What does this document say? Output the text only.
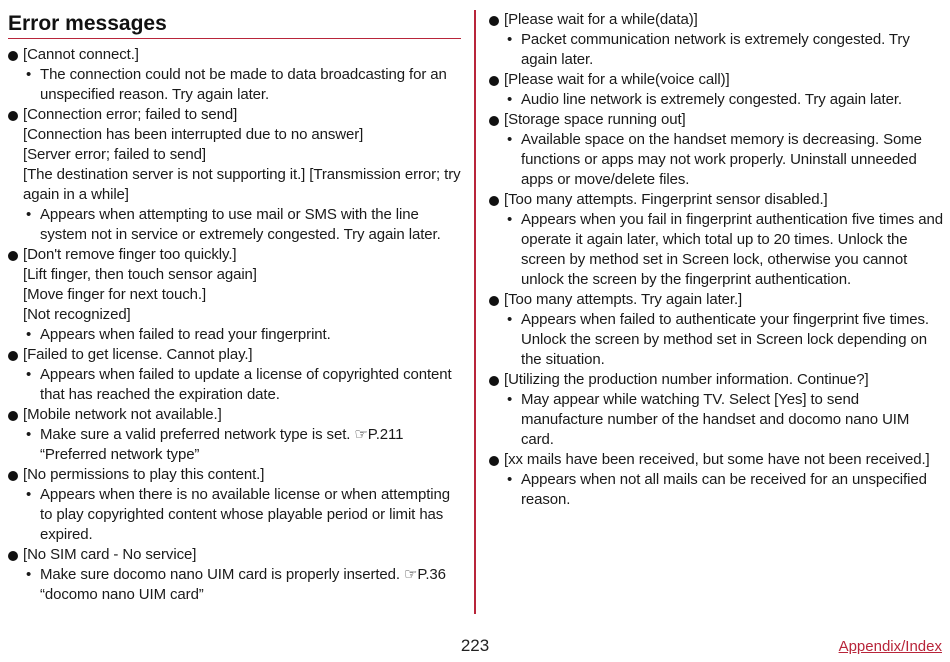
Error messages

[Cannot connect.]

• The connection could not be made to data broadcasting for an unspecified reason. Try again later.

[Connection error; failed to send]

[Connection has been interrupted due to no answer]

[Server error; failed to send]

[The destination server is not supporting it.] [Transmission error; try again in a while]

• Appears when attempting to use mail or SMS with the line system not in service or extremely congested. Try again later.

[Don't remove finger too quickly.]

[Lift finger, then touch sensor again]

[Move finger for next touch.]

[Not recognized]

• Appears when failed to read your fingerprint.

[Failed to get license. Cannot play.]

• Appears when failed to update a license of copyrighted content that has reached the expiration date.

[Mobile network not available.]

• Make sure a valid preferred network type is set. ☞P.211 “Preferred network type”

[No permissions to play this content.]

• Appears when there is no available license or when attempting to play copyrighted content whose playable period or limit has expired.

[No SIM card - No service]

• Make sure docomo nano UIM card is properly inserted. ☞P.36 “docomo nano UIM card”

[Please wait for a while(data)]

• Packet communication network is extremely congested. Try again later.

[Please wait for a while(voice call)]

• Audio line network is extremely congested. Try again later.

[Storage space running out]

• Available space on the handset memory is decreasing. Some functions or apps may not work properly. Uninstall unneeded apps or move/delete files.

[Too many attempts. Fingerprint sensor disabled.]

• Appears when you fail in fingerprint authentication five times and operate it again later, which total up to 20 times. Unlock the screen by method set in Screen lock, otherwise you cannot unlock the screen by the fingerprint authentication.

[Too many attempts. Try again later.]

• Appears when failed to authenticate your fingerprint five times. Unlock the screen by method set in Screen lock depending on the situation.

[Utilizing the production number information. Continue?]

• May appear while watching TV. Select [Yes] to send manufacture number of the handset and docomo nano UIM card.

[xx mails have been received, but some have not been received.]

• Appears when not all mails can be received for an unspecified reason.
223	Appendix/Index
